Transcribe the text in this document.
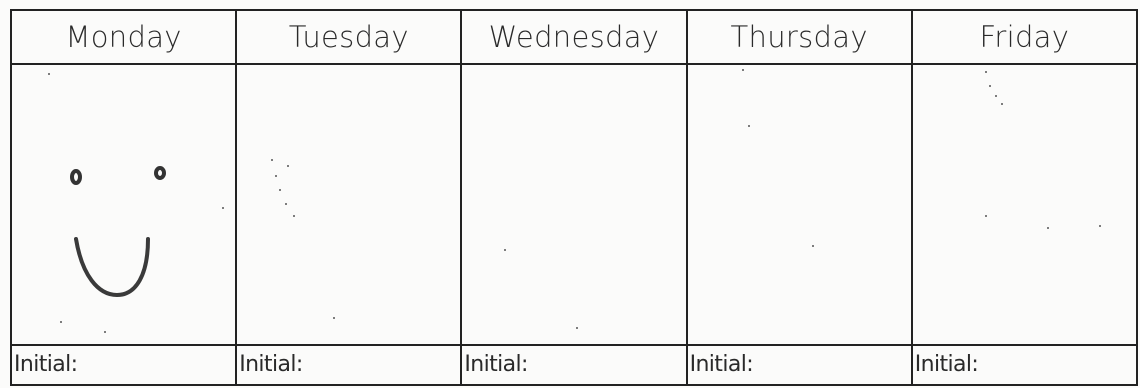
Monday	Tuesday	Wednesday	Thursday	Friday

Initial:	Initial:	Initial:	Initial:	Initial:
